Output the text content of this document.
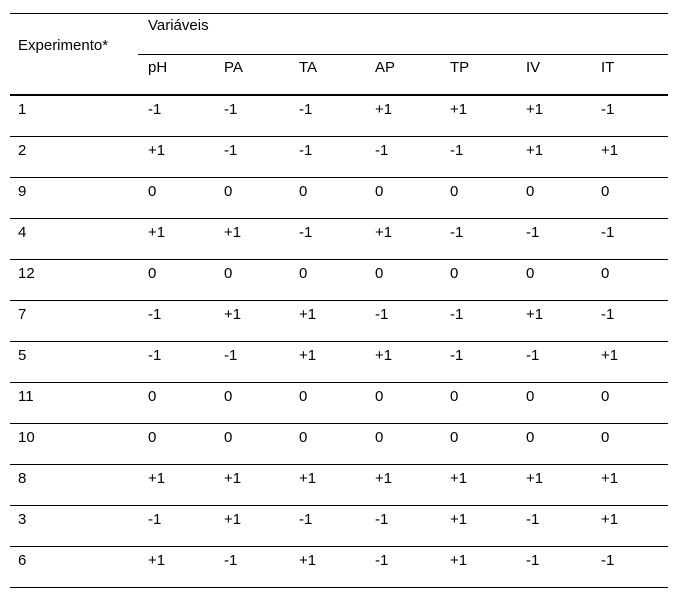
Experimento*
Variáveis
pH	PA	TA	AP	TP	IV	IT
1	-1	-1	-1	+1	+1	+1	-1
2	+1	-1	-1	-1	-1	+1	+1
9	0	0	0	0	0	0	0
4	+1	+1	-1	+1	-1	-1	-1
12	0	0	0	0	0	0	0
7	-1	+1	+1	-1	-1	+1	-1
5	-1	-1	+1	+1	-1	-1	+1
11	0	0	0	0	0	0	0
10	0	0	0	0	0	0	0
8	+1	+1	+1	+1	+1	+1	+1
3	-1	+1	-1	-1	+1	-1	+1
6	+1	-1	+1	-1	+1	-1	-1
